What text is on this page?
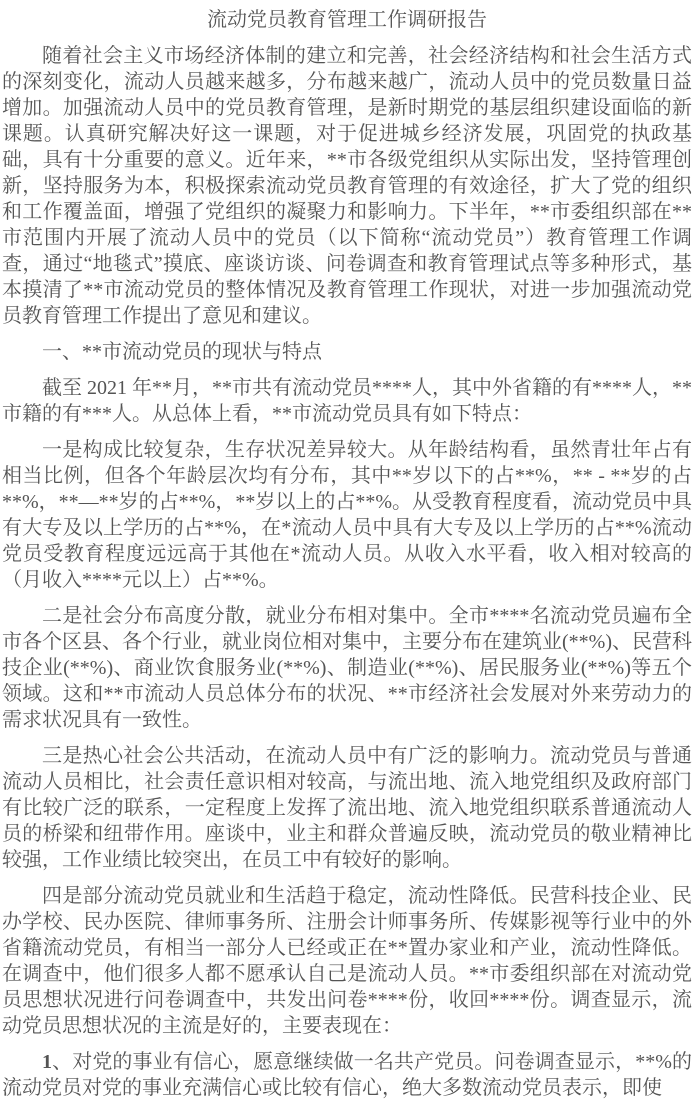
流动党员教育管理工作调研报告

随着社会主义市场经济体制的建立和完善，社会经济结构和社会生活方式的深刻变化，流动人员越来越多，分布越来越广，流动人员中的党员数量日益增加。加强流动人员中的党员教育管理，是新时期党的基层组织建设面临的新课题。认真研究解决好这一课题，对于促进城乡经济发展，巩固党的执政基础，具有十分重要的意义。近年来，**市各级党组织从实际出发，坚持管理创新，坚持服务为本，积极探索流动党员教育管理的有效途径，扩大了党的组织和工作覆盖面，增强了党组织的凝聚力和影响力。下半年，**市委组织部在**市范围内开展了流动人员中的党员（以下简称“流动党员”）教育管理工作调查，通过“地毯式”摸底、座谈访谈、问卷调查和教育管理试点等多种形式，基本摸清了**市流动党员的整体情况及教育管理工作现状，对进一步加强流动党员教育管理工作提出了意见和建议。

一、**市流动党员的现状与特点

截至 2021 年**月，**市共有流动党员****人，其中外省籍的有****人，**市籍的有***人。从总体上看，**市流动党员具有如下特点：

一是构成比较复杂，生存状况差异较大。从年龄结构看，虽然青壮年占有相当比例，但各个年龄层次均有分布，其中**岁以下的占**%，** - **岁的占**%，**—**岁的占**%，**岁以上的占**%。从受教育程度看，流动党员中具有大专及以上学历的占**%，在*流动人员中具有大专及以上学历的占**%流动党员受教育程度远远高于其他在*流动人员。从收入水平看，收入相对较高的（月收入****元以上）占**%。

二是社会分布高度分散，就业分布相对集中。全市****名流动党员遍布全市各个区县、各个行业，就业岗位相对集中，主要分布在建筑业(**%)、民营科技企业(**%)、商业饮食服务业(**%)、制造业(**%)、居民服务业(**%)等五个领域。这和**市流动人员总体分布的状况、**市经济社会发展对外来劳动力的需求状况具有一致性。

三是热心社会公共活动，在流动人员中有广泛的影响力。流动党员与普通流动人员相比，社会责任意识相对较高，与流出地、流入地党组织及政府部门有比较广泛的联系，一定程度上发挥了流出地、流入地党组织联系普通流动人员的桥梁和纽带作用。座谈中，业主和群众普遍反映，流动党员的敬业精神比较强，工作业绩比较突出，在员工中有较好的影响。

四是部分流动党员就业和生活趋于稳定，流动性降低。民营科技企业、民办学校、民办医院、律师事务所、注册会计师事务所、传媒影视等行业中的外省籍流动党员，有相当一部分人已经或正在**置办家业和产业，流动性降低。在调查中，他们很多人都不愿承认自己是流动人员。**市委组织部在对流动党员思想状况进行问卷调查中，共发出问卷****份，收回****份。调查显示，流动党员思想状况的主流是好的，主要表现在：

1、对党的事业有信心，愿意继续做一名共产党员。问卷调查显示，**%的流动党员对党的事业充满信心或比较有信心，绝大多数流动党员表示，即使
